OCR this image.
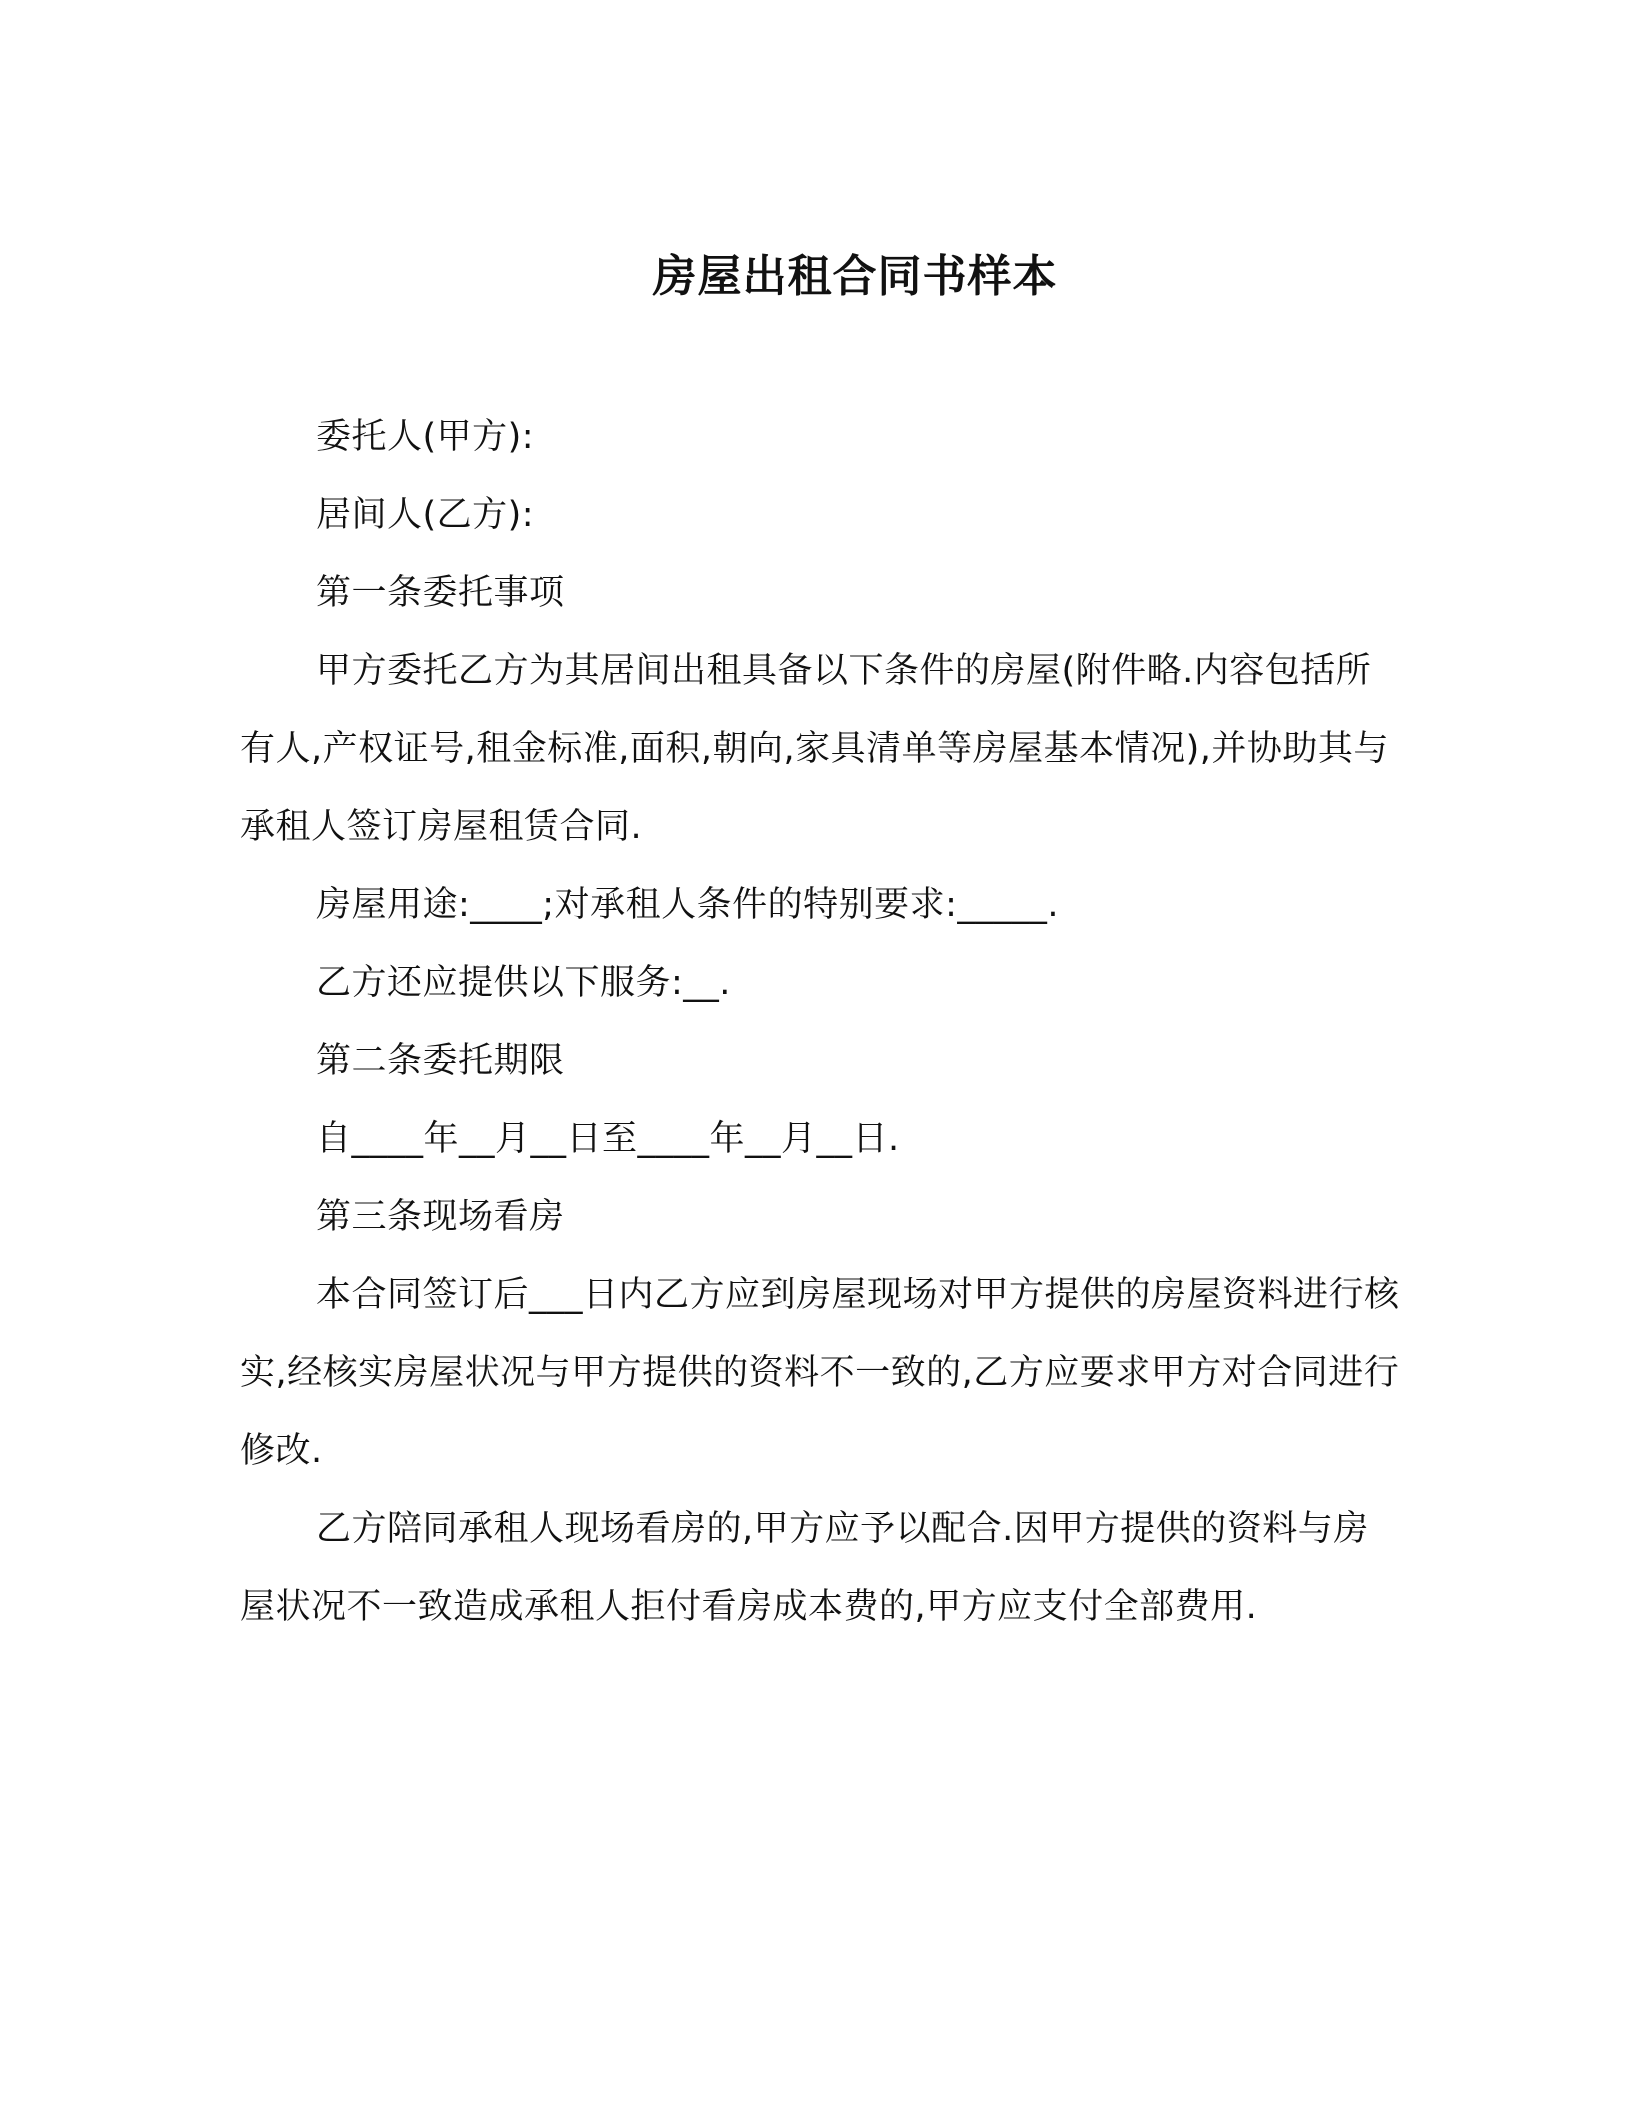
房屋出租合同书样本

委托人(甲方):

居间人(乙方):

第一条委托事项

甲方委托乙方为其居间出租具备以下条件的房屋(附件略.内容包括所有人,产权证号,租金标准,面积,朝向,家具清单等房屋基本情况),并协助其与承租人签订房屋租赁合同.

房屋用途:____;对承租人条件的特别要求:_____.

乙方还应提供以下服务:__.

第二条委托期限

自____年__月__日至____年__月__日.

第三条现场看房

本合同签订后___日内乙方应到房屋现场对甲方提供的房屋资料进行核实,经核实房屋状况与甲方提供的资料不一致的,乙方应要求甲方对合同进行修改.

乙方陪同承租人现场看房的,甲方应予以配合.因甲方提供的资料与房屋状况不一致造成承租人拒付看房成本费的,甲方应支付全部费用.
